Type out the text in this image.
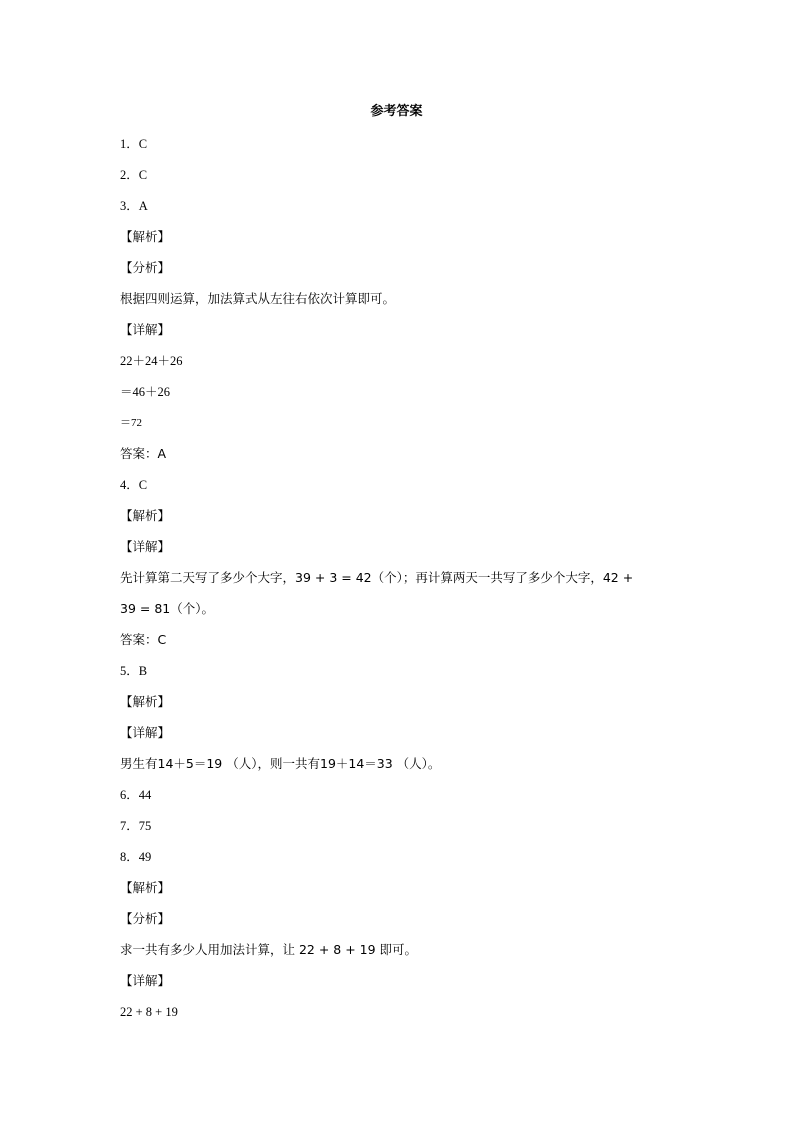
参考答案
1．C
2．C
3．A
【解析】
【分析】
根据四则运算，加法算式从左往右依次计算即可。
【详解】
22＋24＋26
＝46＋26
＝72
答案：A
4．C
【解析】
【详解】
先计算第二天写了多少个大字，39 + 3 = 42（个）；再计算两天一共写了多少个大字，42 +
39 = 81（个）。
答案：C
5．B
【解析】
【详解】
男生有14＋5＝19 （人），则一共有19＋14＝33 （人）。
6．44
7．75
8．49
【解析】
【分析】
求一共有多少人用加法计算，让 22 + 8 + 19 即可。
【详解】
22 + 8 + 19
